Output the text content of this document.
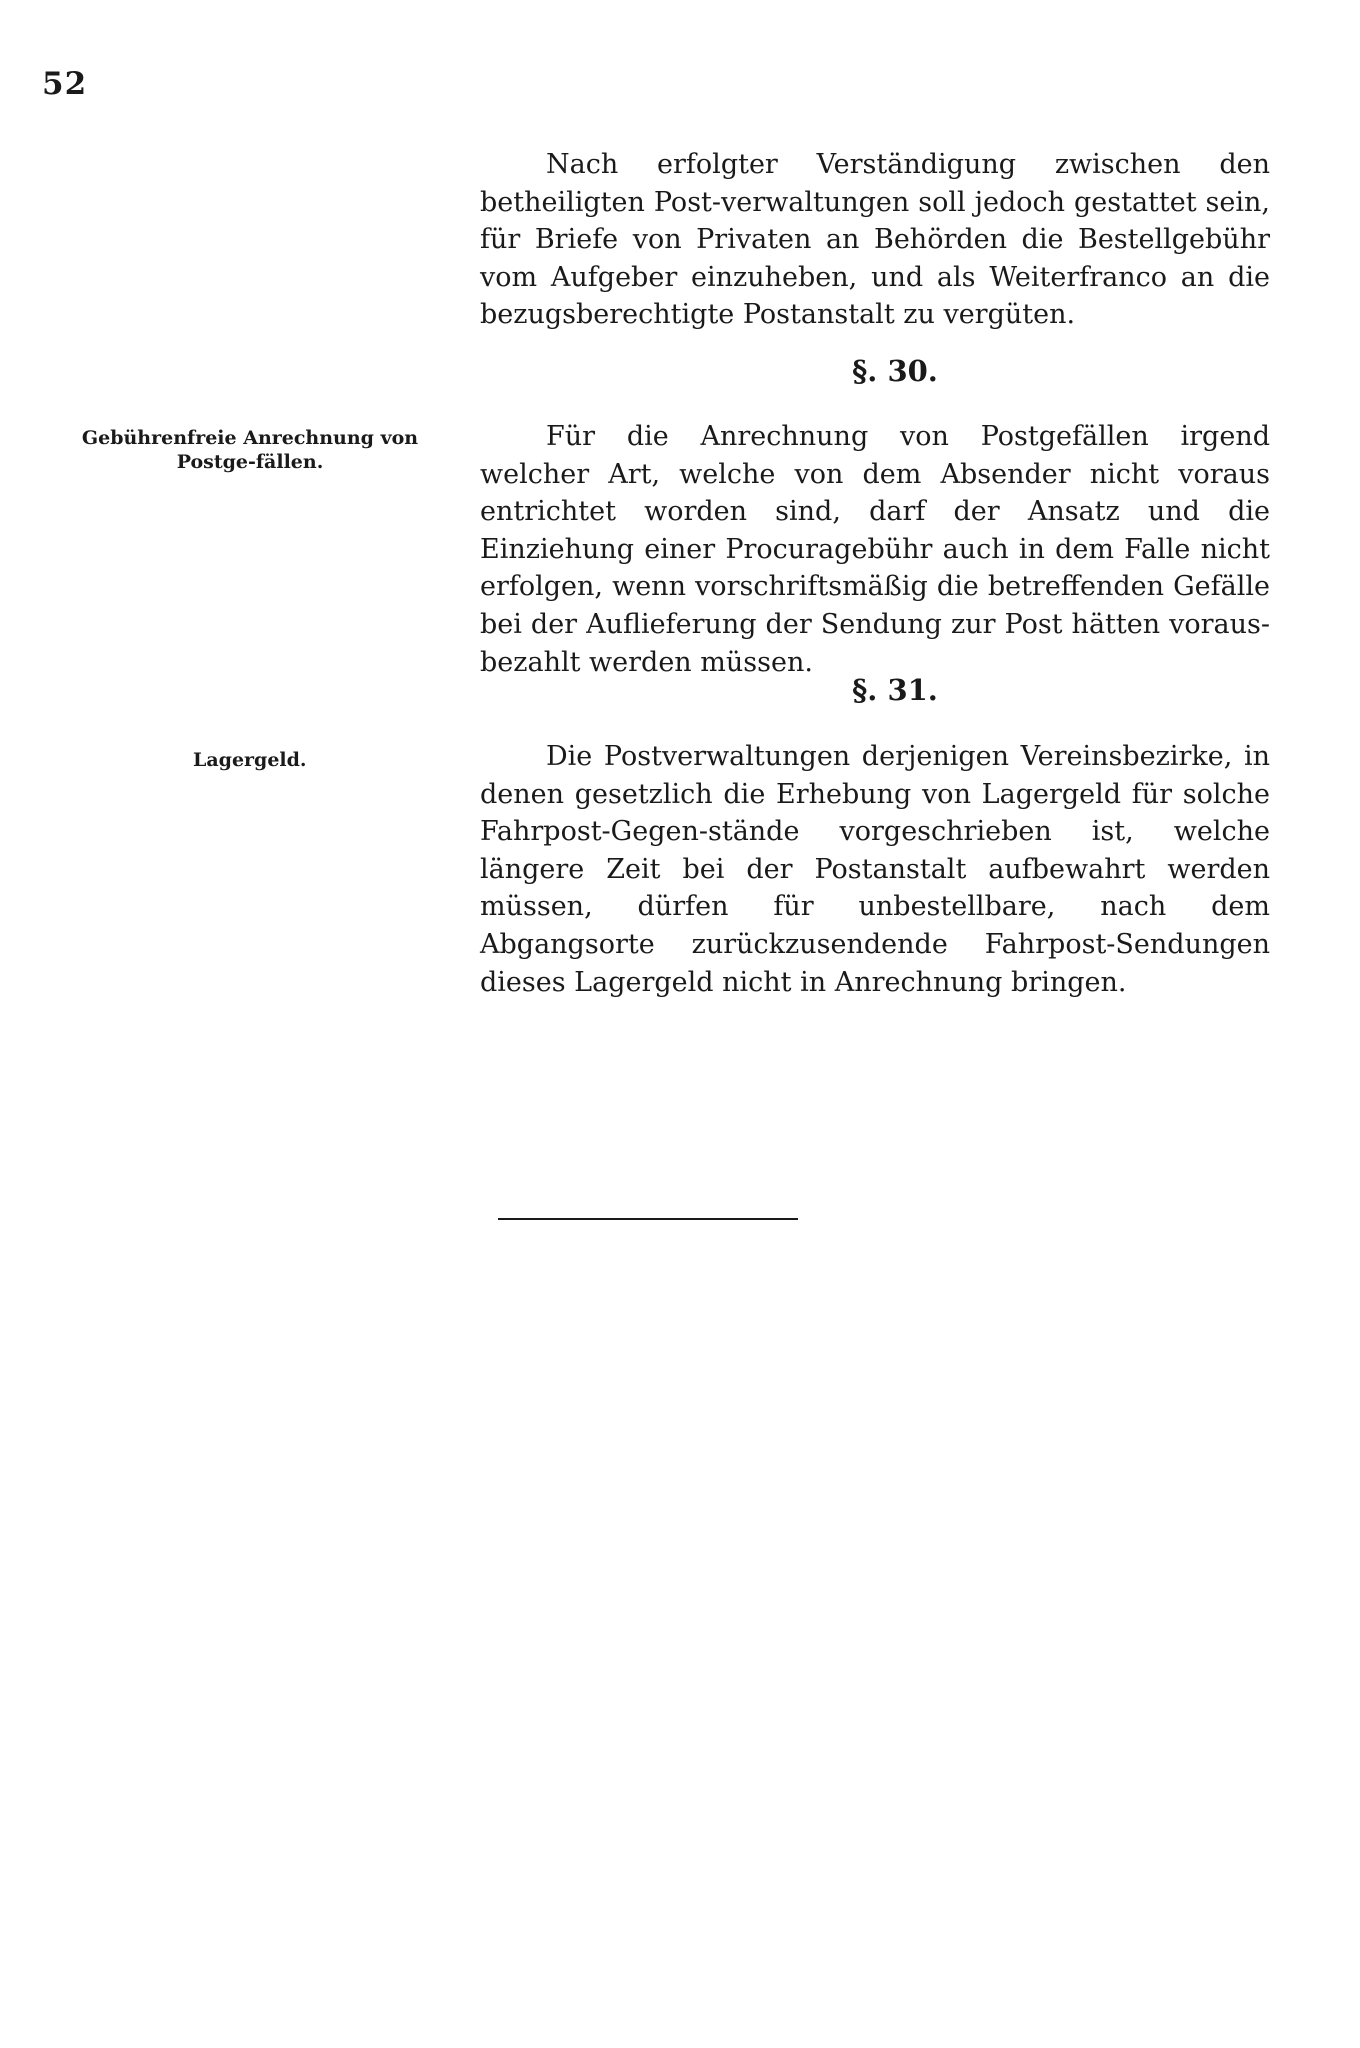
52

Nach erfolgter Verständigung zwischen den betheiligten Post-verwaltungen soll jedoch gestattet sein, für Briefe von Privaten an Behörden die Bestellgebühr vom Aufgeber einzuheben, und als Weiterfranco an die bezugsberechtigte Postanstalt zu vergüten.

§. 30.

Gebührenfreie Anrechnung von Postge-fällen.

Für die Anrechnung von Postgefällen irgend welcher Art, welche von dem Absender nicht voraus entrichtet worden sind, darf der Ansatz und die Einziehung einer Procuragebühr auch in dem Falle nicht erfolgen, wenn vorschriftsmäßig die betreffenden Gefälle bei der Auflieferung der Sendung zur Post hätten voraus-bezahlt werden müssen.

§. 31.

Lagergeld.	Die Postverwaltungen derjenigen Vereinsbezirke, in denen gesetzlich die Erhebung von Lagergeld für solche Fahrpost-Gegen-stände vorgeschrieben ist, welche längere Zeit bei der Postanstalt aufbewahrt werden müssen, dürfen für unbestellbare, nach dem Abgangsorte zurückzusendende Fahrpost-Sendungen dieses Lagergeld nicht in Anrechnung bringen.
